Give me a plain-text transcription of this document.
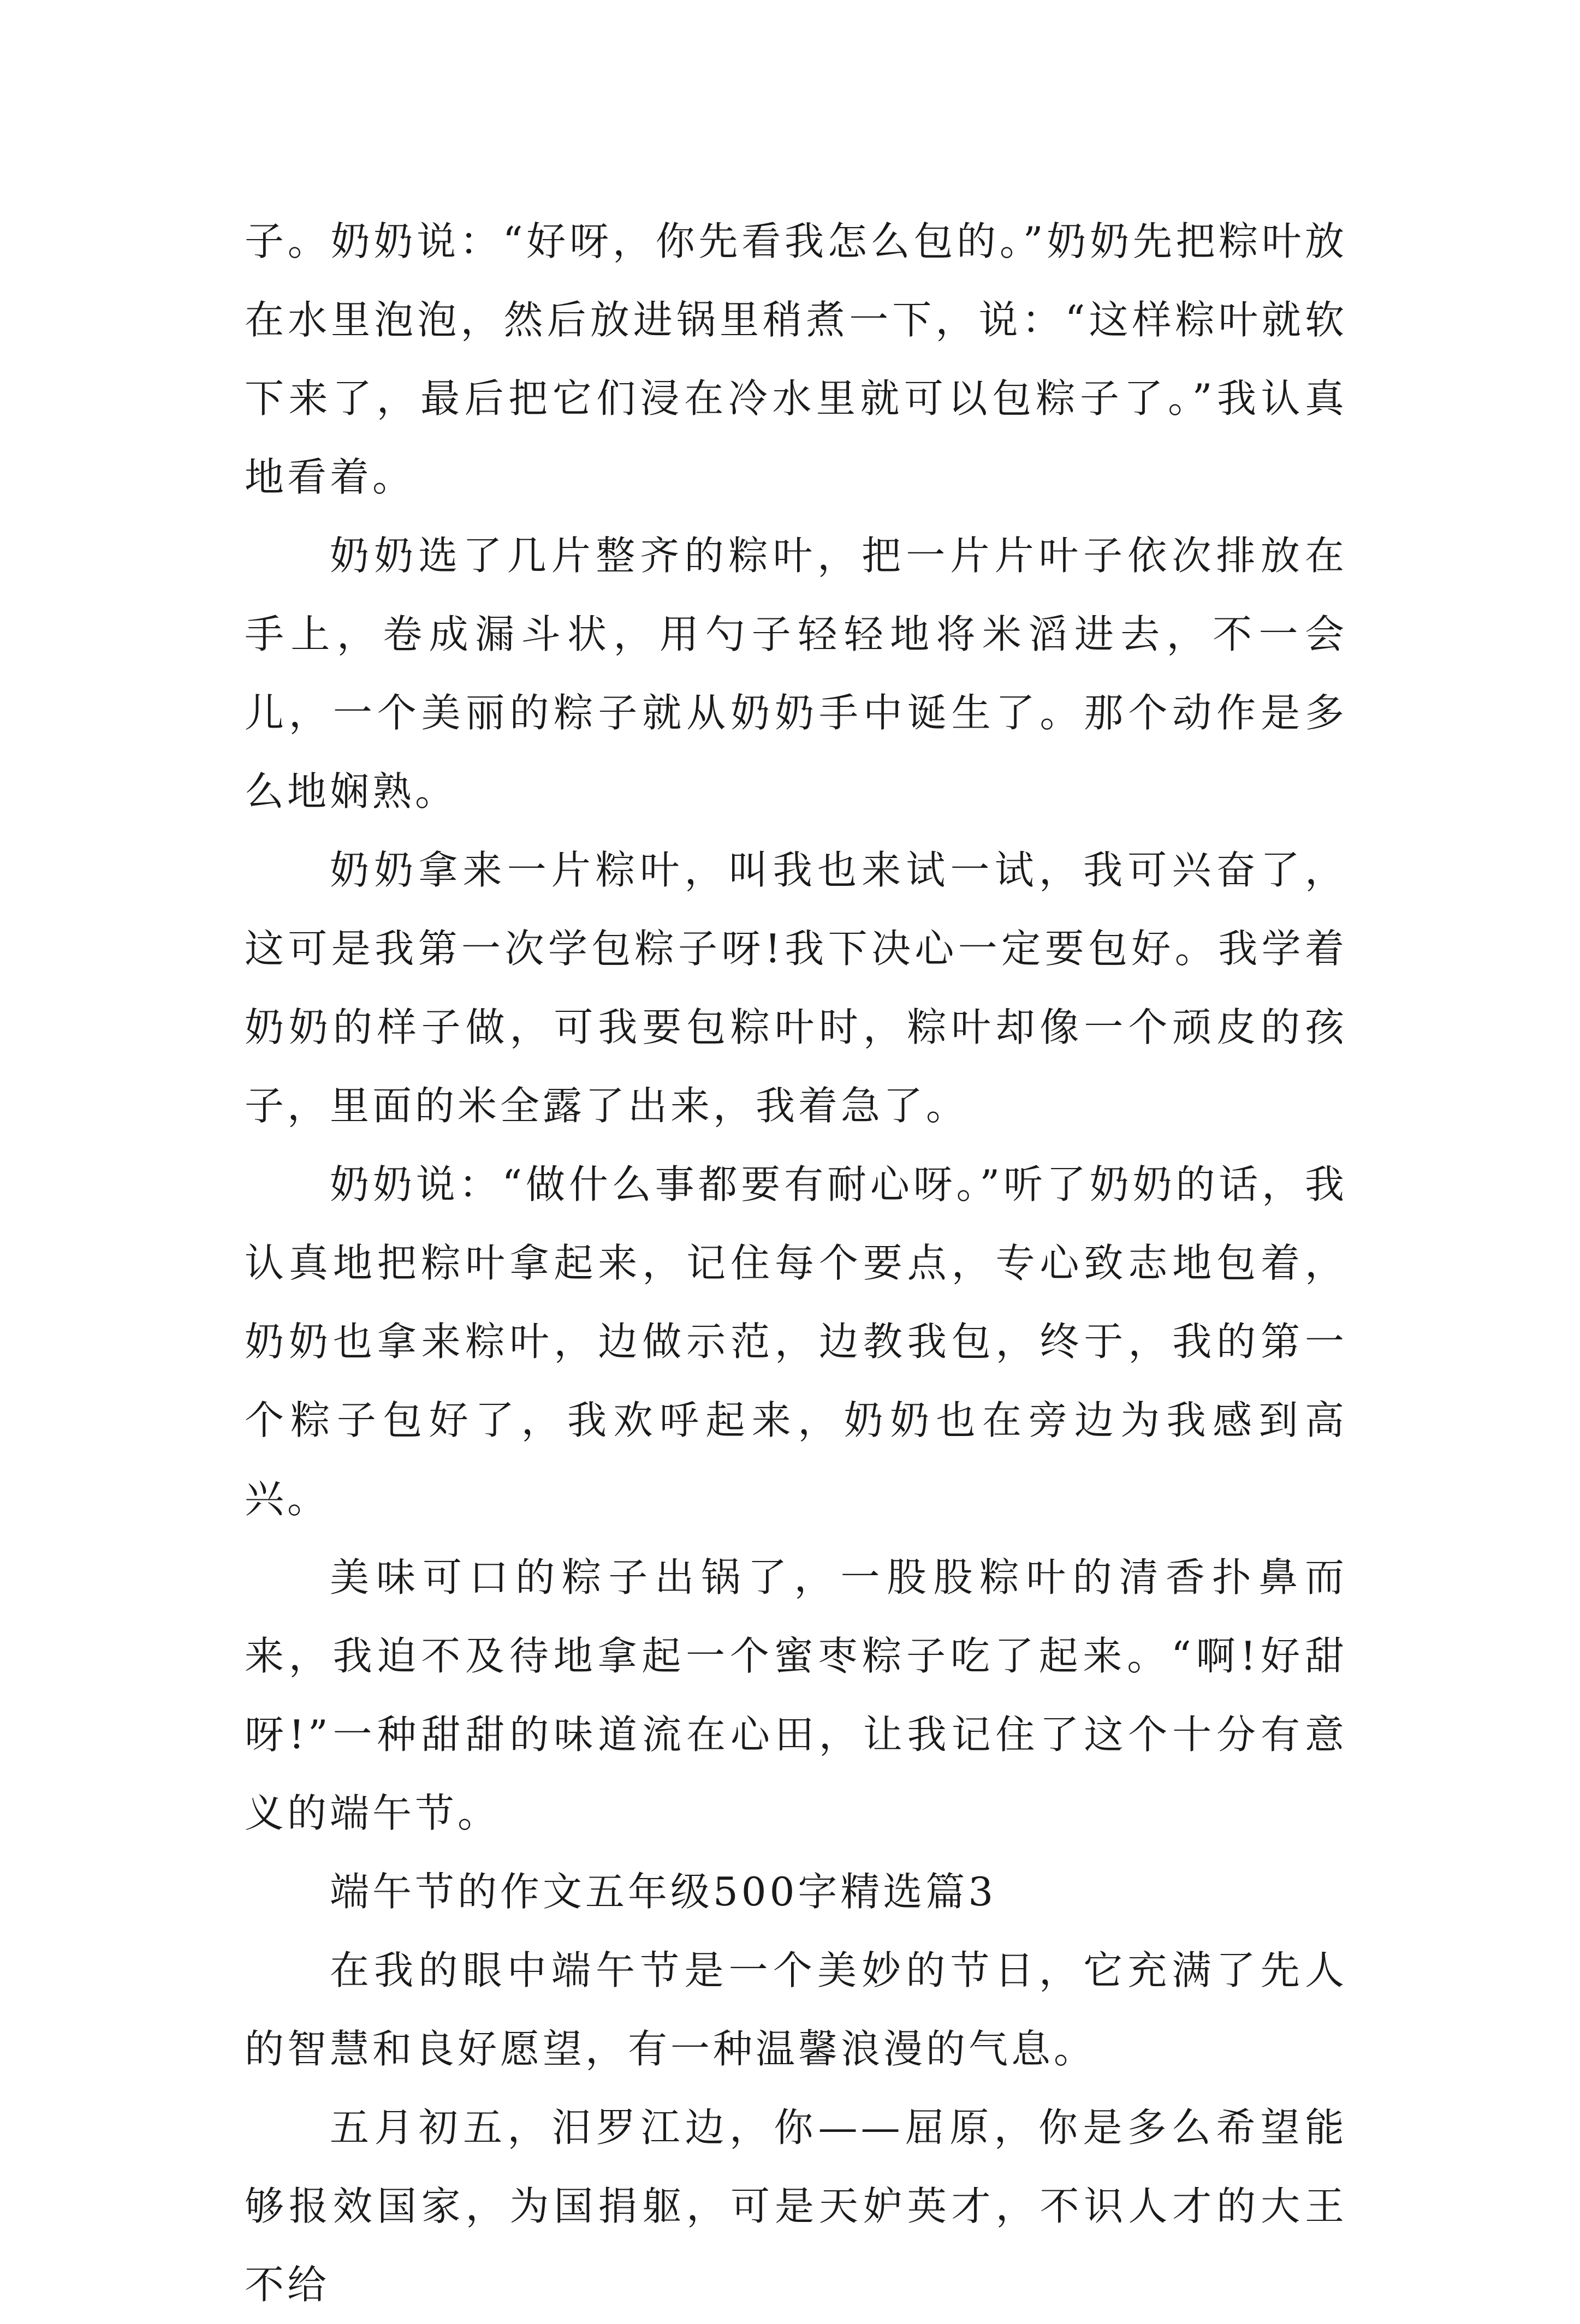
子。奶奶说：“好呀，你先看我怎么包的。”奶奶先把粽叶放在水里泡泡，然后放进锅里稍煮一下，说：“这样粽叶就软下来了，最后把它们浸在冷水里就可以包粽子了。”我认真地看着。

奶奶选了几片整齐的粽叶，把一片片叶子依次排放在手上，卷成漏斗状，用勺子轻轻地将米滔进去，不一会儿，一个美丽的粽子就从奶奶手中诞生了。那个动作是多么地娴熟。

奶奶拿来一片粽叶，叫我也来试一试，我可兴奋了，这可是我第一次学包粽子呀!我下决心一定要包好。我学着奶奶的样子做，可我要包粽叶时，粽叶却像一个顽皮的孩子，里面的米全露了出来，我着急了。

奶奶说：“做什么事都要有耐心呀。”听了奶奶的话，我认真地把粽叶拿起来，记住每个要点，专心致志地包着，奶奶也拿来粽叶，边做示范，边教我包，终于，我的第一个粽子包好了，我欢呼起来，奶奶也在旁边为我感到高兴。

美味可口的粽子出锅了，一股股粽叶的清香扑鼻而来，我迫不及待地拿起一个蜜枣粽子吃了起来。“啊!好甜呀!”一种甜甜的味道流在心田，让我记住了这个十分有意义的端午节。

端午节的作文五年级500字精选篇3

在我的眼中端午节是一个美妙的节日，它充满了先人的智慧和良好愿望，有一种温馨浪漫的气息。

五月初五，汨罗江边，你——屈原，你是多么希望能够报效国家，为国捐躯，可是天妒英才，不识人才的大王不给
